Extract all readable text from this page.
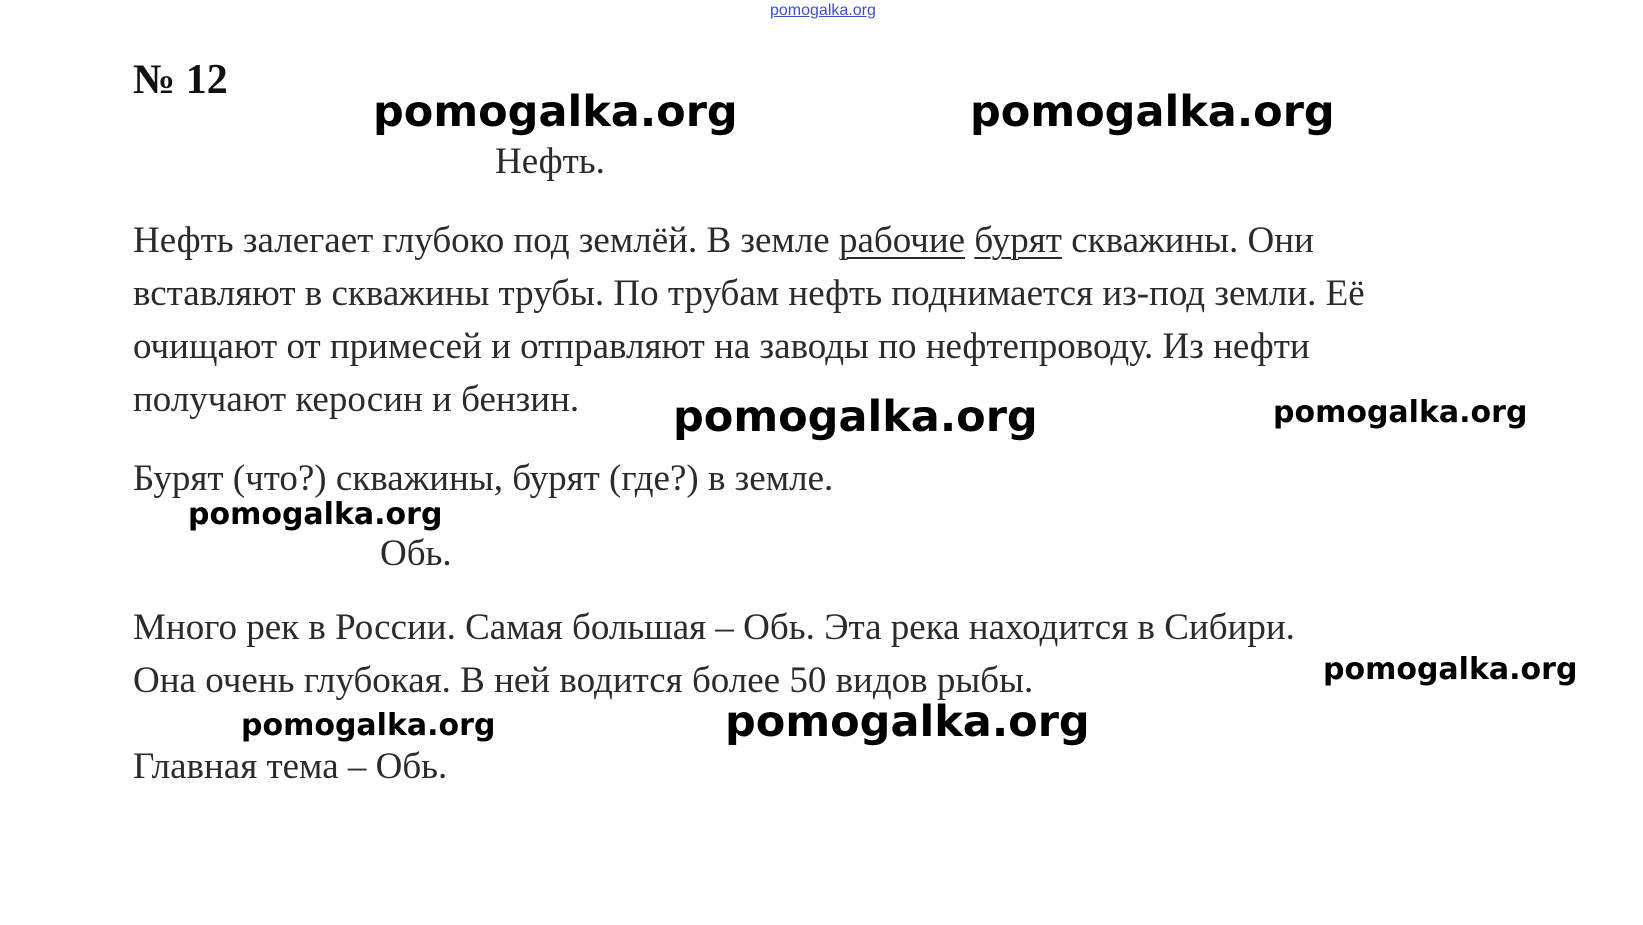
pomogalka.org
№ 12
Нефть.
Нефть залегает глубоко под землёй. В земле рабочие бурят скважины. Они
вставляют в скважины трубы. По трубам нефть поднимается из-под земли. Её
очищают от примесей и отправляют на заводы по нефтепроводу. Из нефти
получают керосин и бензин.
Бурят (что?) скважины, бурят (где?) в земле.
Обь.
Много рек в России. Самая большая – Обь. Эта река находится в Сибири.
Она очень глубокая. В ней водится более 50 видов рыбы.
Главная тема – Обь.
pomogalka.org	pomogalka.org
pomogalka.org	pomogalka.org
pomogalka.org
pomogalka.org
pomogalka.org	pomogalka.org
